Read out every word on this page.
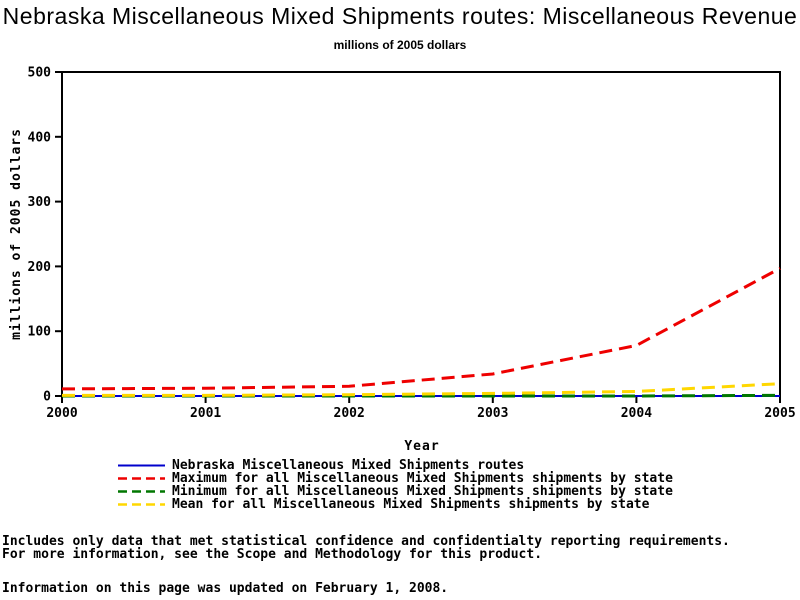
Nebraska Miscellaneous Mixed Shipments routes: Miscellaneous Revenue
millions of 2005 dollars
0
100
200
300
400
500
2000	2001	2002	2003	2004	2005
millions of 2005 dollars
Year
Nebraska Miscellaneous Mixed Shipments routes
Maximum for all Miscellaneous Mixed Shipments shipments by state
Minimum for all Miscellaneous Mixed Shipments shipments by state
Mean for all Miscellaneous Mixed Shipments shipments by state
Includes only data that met statistical confidence and confidentialty reporting requirements.
For more information, see the Scope and Methodology for this product.
Information on this page was updated on February 1, 2008.
